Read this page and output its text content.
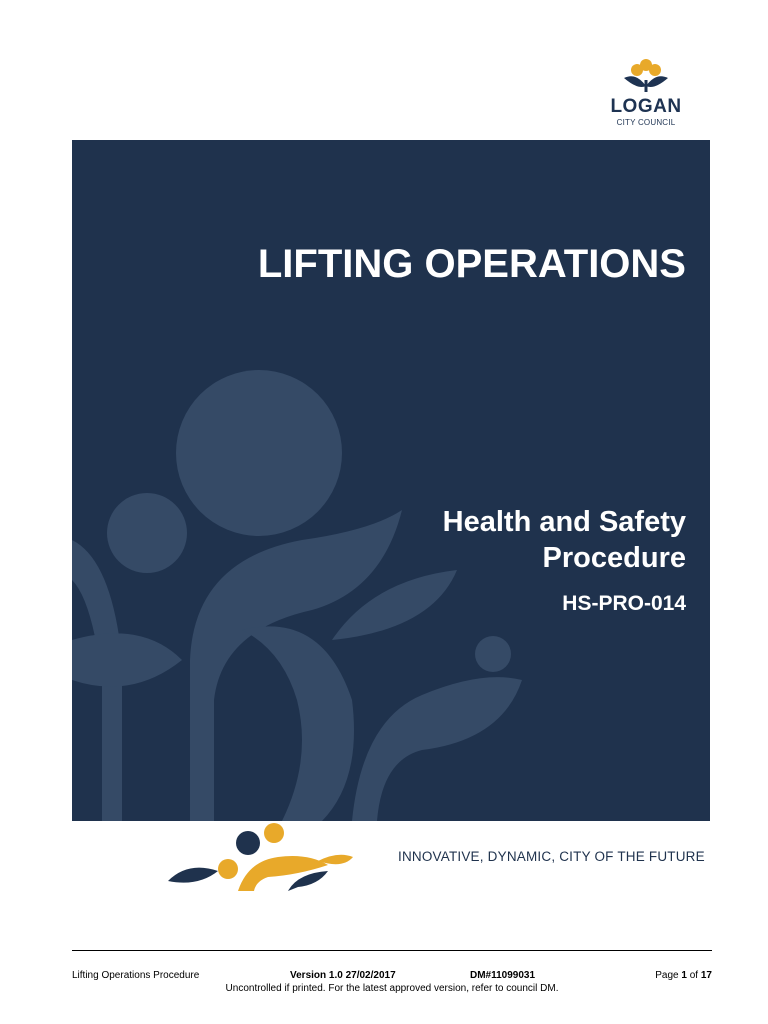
LOGAN
CITY COUNCIL
LIFTING OPERATIONS
Health and Safety
Procedure
HS-PRO-014
INNOVATIVE, DYNAMIC, CITY OF THE FUTURE
Lifting Operations Procedure	Version 1.0 27/02/2017	DM#11099031	Page 1 of 17
Uncontrolled if printed. For the latest approved version, refer to council DM.
